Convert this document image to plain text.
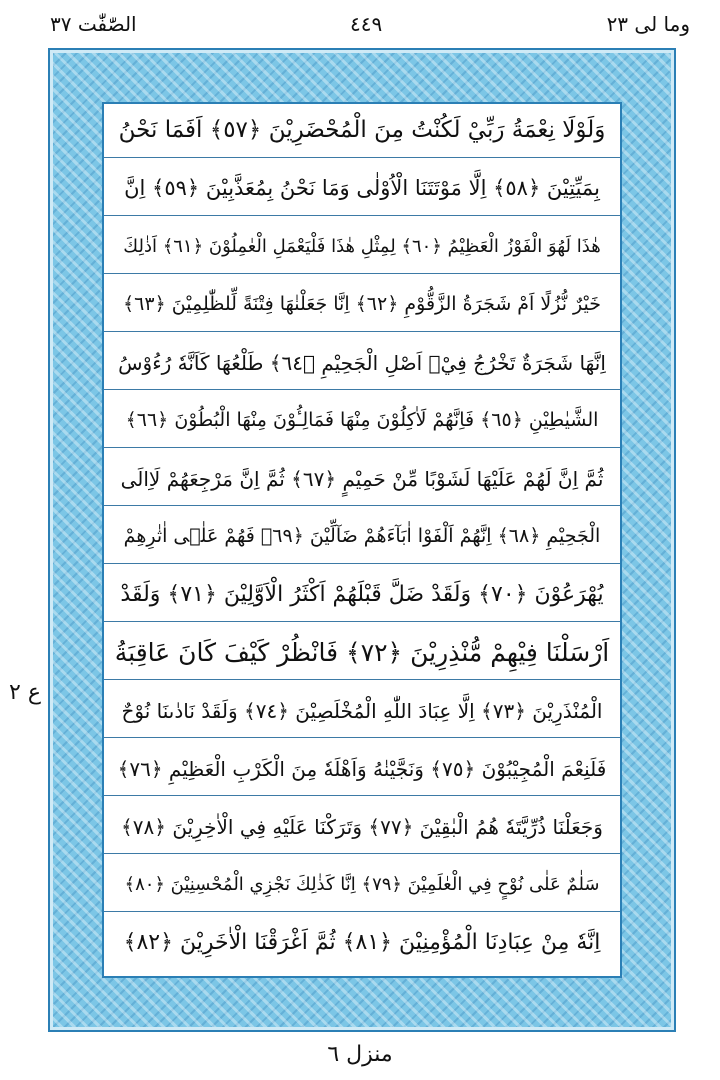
الصّٰفّٰت ٣٧	٤٤٩	وما لی ٢٣
ع ٢
وَلَوْلَا نِعْمَةُ رَبِّيْ لَكُنْتُ مِنَ الْمُحْضَرِيْنَ ﴿٥٧﴾ اَفَمَا نَحْنُ
بِمَيِّتِيْنَ ﴿٥٨﴾ اِلَّا مَوْتَتَنَا الْاُوْلٰى وَمَا نَحْنُ بِمُعَذَّبِيْنَ ﴿٥٩﴾ اِنَّ
هٰذَا لَهُوَ الْفَوْزُ الْعَظِيْمُ ﴿٦٠﴾ لِمِثْلِ هٰذَا فَلْيَعْمَلِ الْعٰمِلُوْنَ ﴿٦١﴾ اَذٰلِكَ
خَيْرٌ نُّزُلًا اَمْ شَجَرَةُ الزَّقُّوْمِ ﴿٦٢﴾ اِنَّا جَعَلْنٰهَا فِتْنَةً لِّلظّٰلِمِيْنَ ﴿٦٣﴾
اِنَّهَا شَجَرَةٌ تَخْرُجُ فِيْۤ اَصْلِ الْجَحِيْمِ ﴿٦٤﴾ طَلْعُهَا كَاَنَّهٗ رُءُوْسُ
الشَّيٰطِيْنِ ﴿٦٥﴾ فَاِنَّهُمْ لَاٰكِلُوْنَ مِنْهَا فَمَالِـُٔوْنَ مِنْهَا الْبُطُوْنَ ﴿٦٦﴾
ثُمَّ اِنَّ لَهُمْ عَلَيْهَا لَشَوْبًا مِّنْ حَمِيْمٍ ﴿٦٧﴾ ثُمَّ اِنَّ مَرْجِعَهُمْ لَاِالَى
الْجَحِيْمِ ﴿٦٨﴾ اِنَّهُمْ اَلْفَوْا اٰبَآءَهُمْ ضَآلِّيْنَ ﴿٦٩﴾ فَهُمْ عَلٰۤى اٰثٰرِهِمْ
يُهْرَعُوْنَ ﴿٧٠﴾ وَلَقَدْ ضَلَّ قَبْلَهُمْ اَكْثَرُ الْاَوَّلِيْنَ ﴿٧١﴾ وَلَقَدْ
اَرْسَلْنَا فِيْهِمْ مُّنْذِرِيْنَ ﴿٧٢﴾ فَانْظُرْ كَيْفَ كَانَ عَاقِبَةُ
الْمُنْذَرِيْنَ ﴿٧٣﴾ اِلَّا عِبَادَ اللّٰهِ الْمُخْلَصِيْنَ ﴿٧٤﴾ وَلَقَدْ نَادٰىنَا نُوْحٌ
فَلَنِعْمَ الْمُجِيْبُوْنَ ﴿٧٥﴾ وَنَجَّيْنٰهُ وَاَهْلَهٗ مِنَ الْكَرْبِ الْعَظِيْمِ ﴿٧٦﴾
وَجَعَلْنَا ذُرِّيَّتَهٗ هُمُ الْبٰقِيْنَ ﴿٧٧﴾ وَتَرَكْنَا عَلَيْهِ فِي الْاٰخِرِيْنَ ﴿٧٨﴾
سَلٰمٌ عَلٰى نُوْحٍ فِي الْعٰلَمِيْنَ ﴿٧٩﴾ اِنَّا كَذٰلِكَ نَجْزِي الْمُحْسِنِيْنَ ﴿٨٠﴾
اِنَّهٗ مِنْ عِبَادِنَا الْمُؤْمِنِيْنَ ﴿٨١﴾ ثُمَّ اَغْرَقْنَا الْاٰخَرِيْنَ ﴿٨٢﴾
منزل ٦
